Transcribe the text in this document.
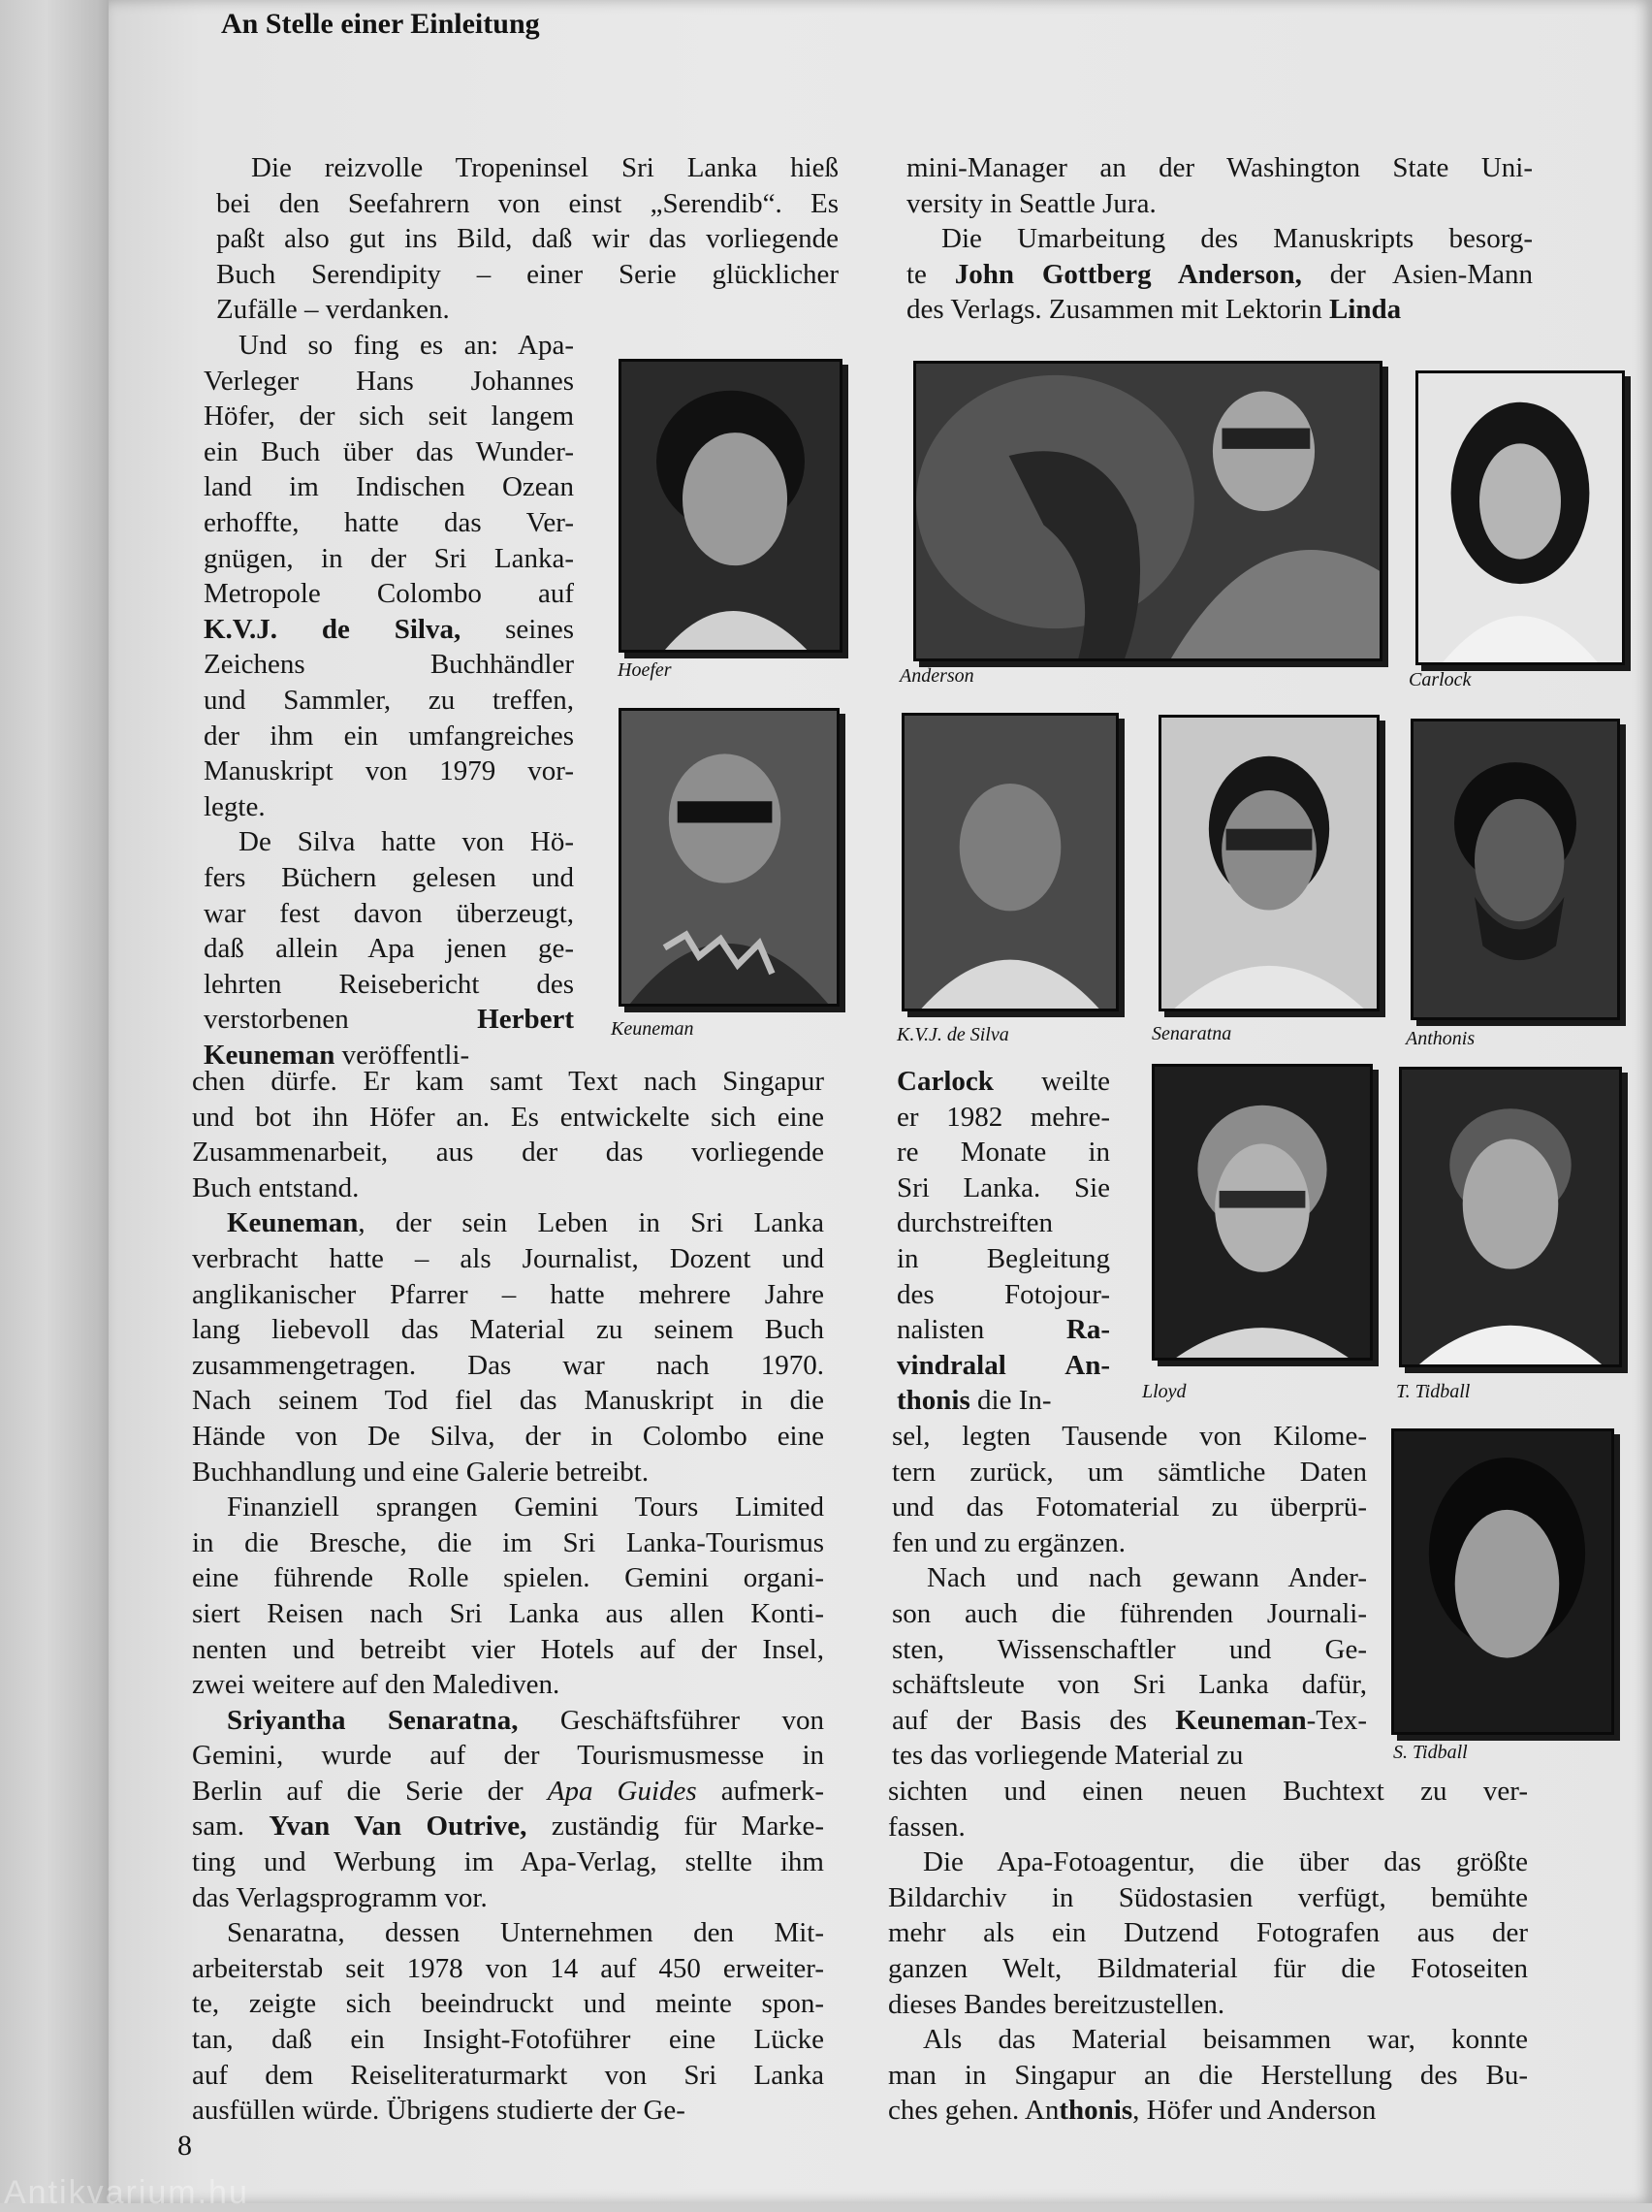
An Stelle einer Einleitung
Die reizvolle Tropeninsel Sri Lanka hieß
bei den Seefahrern von einst „Serendib“. Es
paßt also gut ins Bild, daß wir das vorliegende
Buch Serendipity – einer Serie glücklicher
Zufälle – verdanken.
Und so fing es an: Apa-
Verleger Hans Johannes
Höfer, der sich seit langem
ein Buch über das Wunder-
land im Indischen Ozean
erhoffte, hatte das Ver-
gnügen, in der Sri Lanka-
Metropole Colombo auf
K.V.J. de Silva, seines
Zeichens Buchhändler
und Sammler, zu treffen,
der ihm ein umfangreiches
Manuskript von 1979 vor-
legte.
De Silva hatte von Hö-
fers Büchern gelesen und
war fest davon überzeugt,
daß allein Apa jenen ge-
lehrten Reisebericht des
verstorbenen Herbert
Keuneman veröffentli-
chen dürfe. Er kam samt Text nach Singapur
und bot ihn Höfer an. Es entwickelte sich eine
Zusammenarbeit, aus der das vorliegende
Buch entstand.
Keuneman, der sein Leben in Sri Lanka
verbracht hatte – als Journalist, Dozent und
anglikanischer Pfarrer – hatte mehrere Jahre
lang liebevoll das Material zu seinem Buch
zusammengetragen. Das war nach 1970.
Nach seinem Tod fiel das Manuskript in die
Hände von De Silva, der in Colombo eine
Buchhandlung und eine Galerie betreibt.
Finanziell sprangen Gemini Tours Limited
in die Bresche, die im Sri Lanka-Tourismus
eine führende Rolle spielen. Gemini organi-
siert Reisen nach Sri Lanka aus allen Konti-
nenten und betreibt vier Hotels auf der Insel,
zwei weitere auf den Malediven.
Sriyantha Senaratna, Geschäftsführer von
Gemini, wurde auf der Tourismusmesse in
Berlin auf die Serie der Apa Guides aufmerk-
sam. Yvan Van Outrive, zuständig für Marke-
ting und Werbung im Apa-Verlag, stellte ihm
das Verlagsprogramm vor.
Senaratna, dessen Unternehmen den Mit-
arbeiterstab seit 1978 von 14 auf 450 erweiter-
te, zeigte sich beeindruckt und meinte spon-
tan, daß ein Insight-Fotoführer eine Lücke
auf dem Reiseliteraturmarkt von Sri Lanka
ausfüllen würde. Übrigens studierte der Ge-
mini-Manager an der Washington State Uni-
versity in Seattle Jura.
Die Umarbeitung des Manuskripts besorg-
te John Gottberg Anderson, der Asien-Mann
des Verlags. Zusammen mit Lektorin Linda
Carlock weilte
er 1982 mehre-
re Monate in
Sri Lanka. Sie
durchstreiften
in Begleitung
des Fotojour-
nalisten Ra-
vindralal An-
thonis die In-
sel, legten Tausende von Kilome-
tern zurück, um sämtliche Daten
und das Fotomaterial zu überprü-
fen und zu ergänzen.
Nach und nach gewann Ander-
son auch die führenden Journali-
sten, Wissenschaftler und Ge-
schäftsleute von Sri Lanka dafür,
auf der Basis des Keuneman-Tex-
tes das vorliegende Material zu
sichten und einen neuen Buchtext zu ver-
fassen.
Die Apa-Fotoagentur, die über das größte
Bildarchiv in Südostasien verfügt, bemühte
mehr als ein Dutzend Fotografen aus der
ganzen Welt, Bildmaterial für die Fotoseiten
dieses Bandes bereitzustellen.
Als das Material beisammen war, konnte
man in Singapur an die Herstellung des Bu-
ches gehen. Anthonis, Höfer und Anderson
Hoefer	Anderson	Carlock
Keuneman	K.V.J. de Silva	Senaratna	Anthonis
Lloyd	T. Tidball
S. Tidball
8
Antikvarium.hu
